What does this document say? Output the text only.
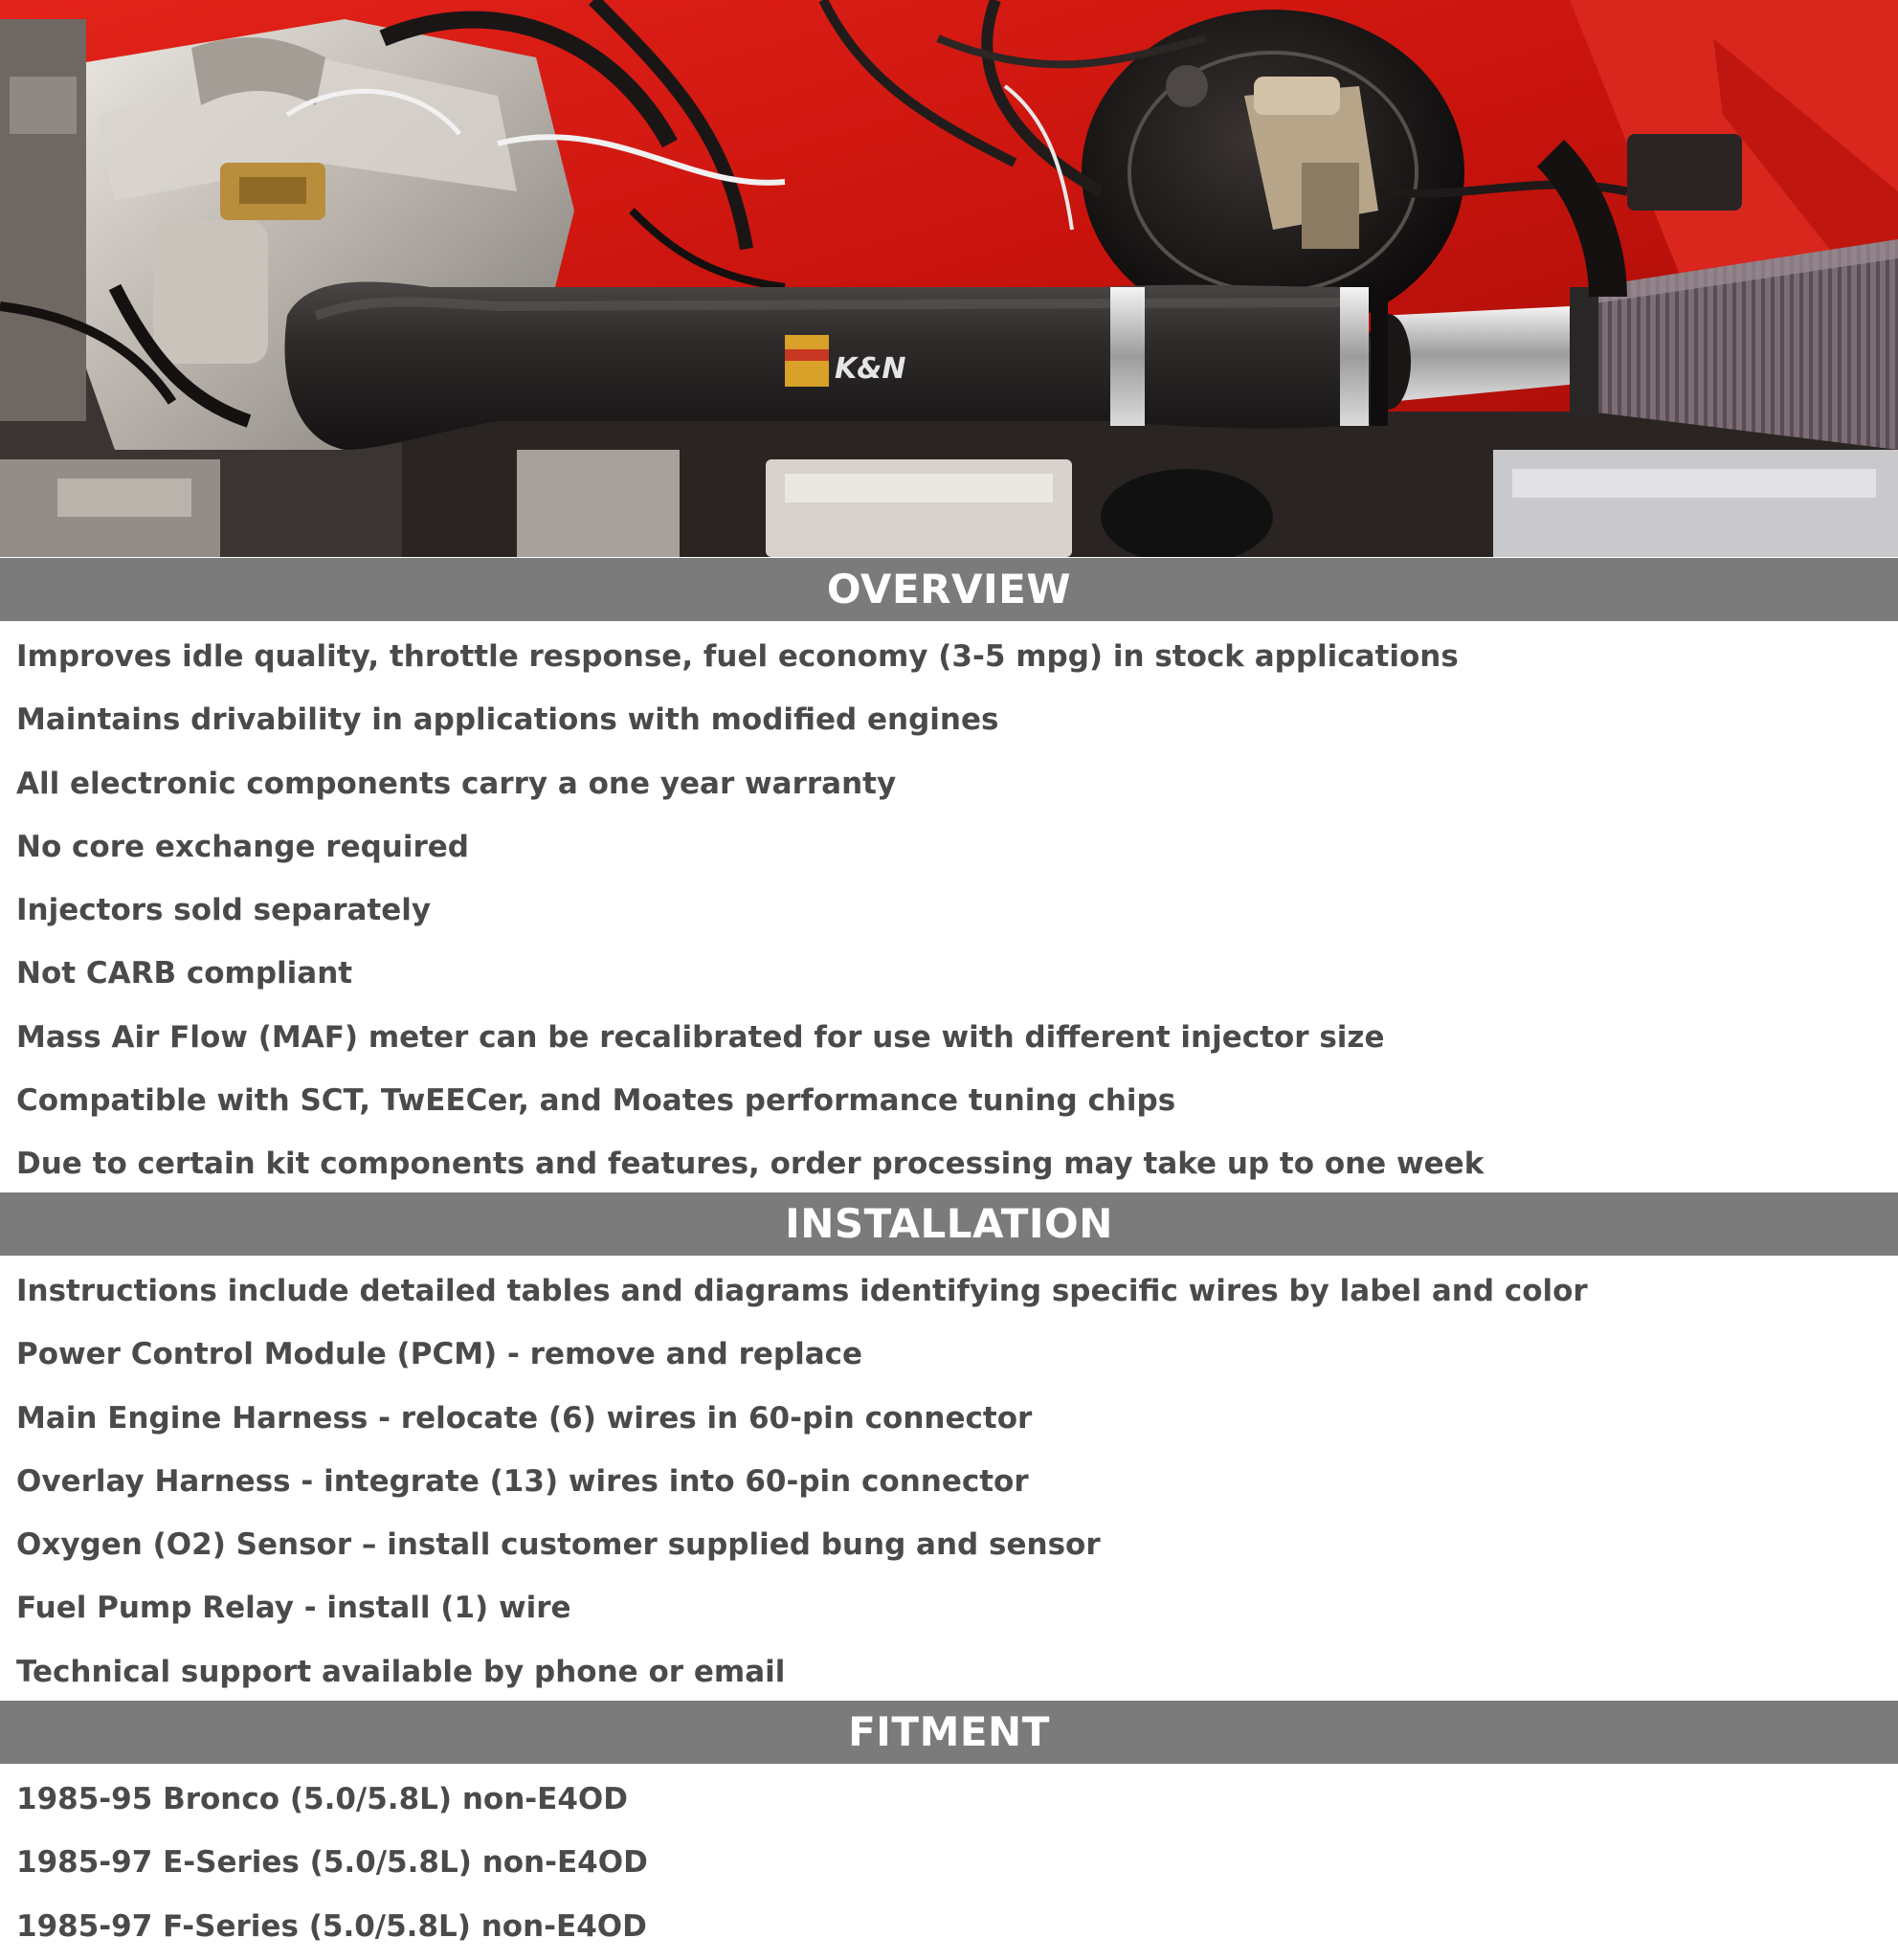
K&N
OVERVIEW
Improves idle quality, throttle response, fuel economy (3-5 mpg) in stock applications
Maintains drivability in applications with modified engines
All electronic components carry a one year warranty
No core exchange required
Injectors sold separately
Not CARB compliant
Mass Air Flow (MAF) meter can be recalibrated for use with different injector size
Compatible with SCT, TwEECer, and Moates performance tuning chips
Due to certain kit components and features, order processing may take up to one week
INSTALLATION
Instructions include detailed tables and diagrams identifying specific wires by label and color
Power Control Module (PCM) - remove and replace
Main Engine Harness - relocate (6) wires in 60-pin connector
Overlay Harness - integrate (13) wires into 60-pin connector
Oxygen (O2) Sensor – install customer supplied bung and sensor
Fuel Pump Relay - install (1) wire
Technical support available by phone or email
FITMENT
1985-95 Bronco (5.0/5.8L) non-E4OD
1985-97 E-Series (5.0/5.8L) non-E4OD
1985-97 F-Series (5.0/5.8L) non-E4OD
